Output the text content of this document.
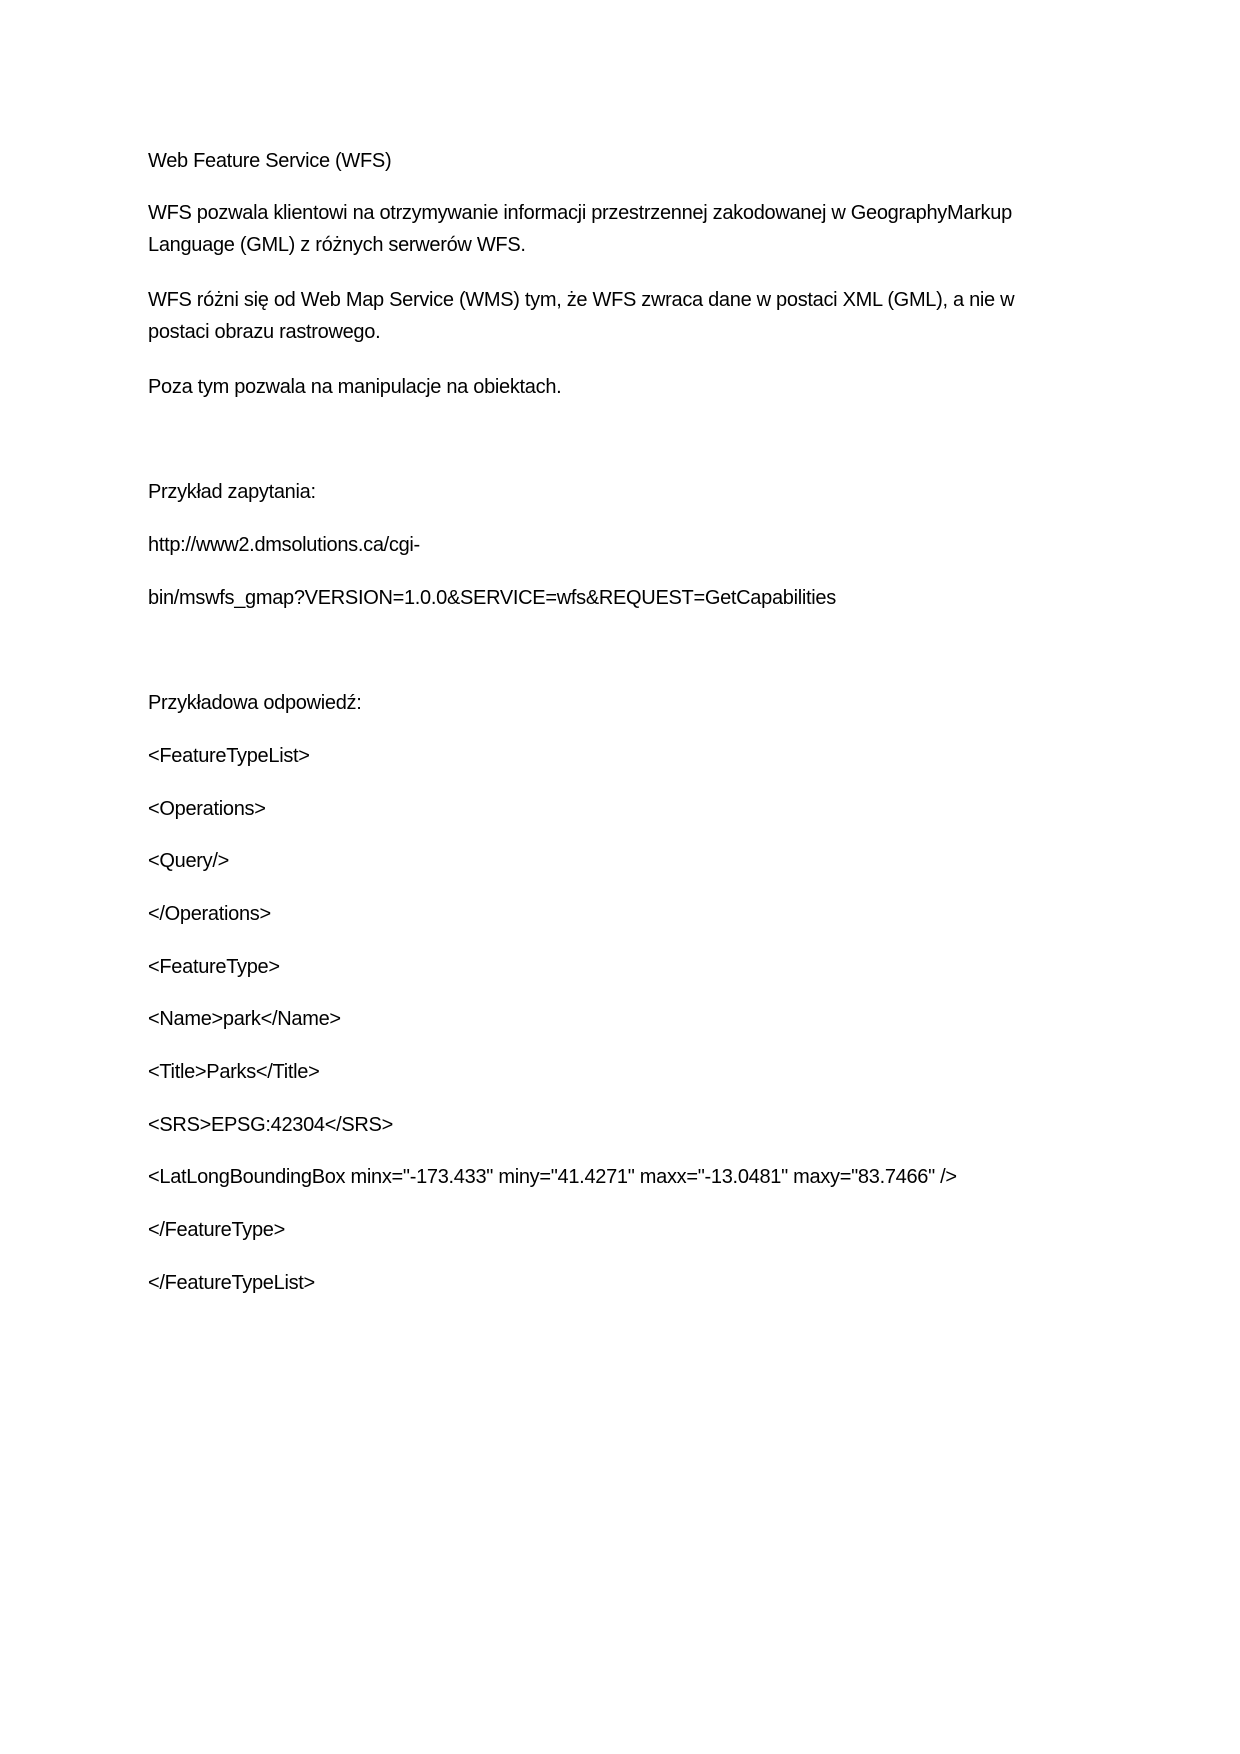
Web Feature Service (WFS)
WFS pozwala klientowi na otrzymywanie informacji przestrzennej zakodowanej w GeographyMarkup
Language (GML) z różnych serwerów WFS.
WFS różni się od Web Map Service (WMS) tym, że WFS zwraca dane w postaci XML (GML), a nie w
postaci obrazu rastrowego.
Poza tym pozwala na manipulacje na obiektach.
Przykład zapytania:
http://www2.dmsolutions.ca/cgi-
bin/mswfs_gmap?VERSION=1.0.0&SERVICE=wfs&REQUEST=GetCapabilities
Przykładowa odpowiedź:
<FeatureTypeList>
<Operations>
<Query/>
</Operations>
<FeatureType>
<Name>park</Name>
<Title>Parks</Title>
<SRS>EPSG:42304</SRS>
<LatLongBoundingBox minx="-173.433" miny="41.4271" maxx="-13.0481" maxy="83.7466" />
</FeatureType>
</FeatureTypeList>
